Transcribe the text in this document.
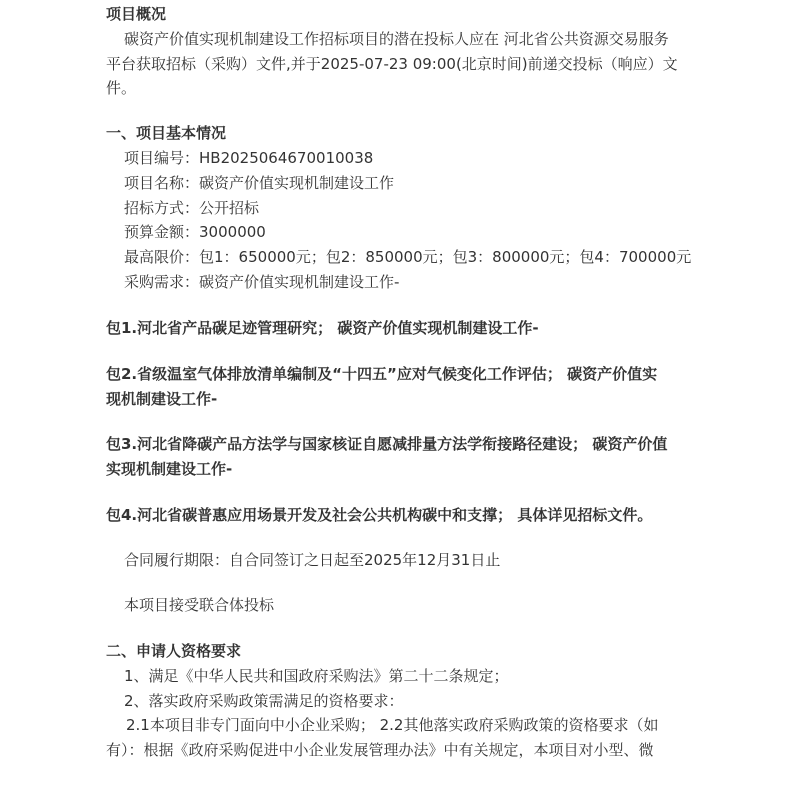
项目概况
碳资产价值实现机制建设工作招标项目的潜在投标人应在 河北省公共资源交易服务
平台获取招标（采购）文件,并于2025-07-23 09:00(北京时间)前递交投标（响应）文
件。
一、项目基本情况
项目编号：HB2025064670010038
项目名称：碳资产价值实现机制建设工作
招标方式：公开招标
预算金额：3000000
最高限价：包1：650000元；包2：850000元；包3：800000元；包4：700000元
采购需求：碳资产价值实现机制建设工作-
包1.河北省产品碳足迹管理研究； 碳资产价值实现机制建设工作-
包2.省级温室气体排放清单编制及“十四五”应对气候变化工作评估； 碳资产价值实
现机制建设工作-
包3.河北省降碳产品方法学与国家核证自愿减排量方法学衔接路径建设； 碳资产价值
实现机制建设工作-
包4.河北省碳普惠应用场景开发及社会公共机构碳中和支撑； 具体详见招标文件。
合同履行期限：自合同签订之日起至2025年12月31日止
本项目接受联合体投标
二、申请人资格要求
1、满足《中华人民共和国政府采购法》第二十二条规定；
2、落实政府采购政策需满足的资格要求：
2.1本项目非专门面向中小企业采购； 2.2其他落实政府采购政策的资格要求（如
有）：根据《政府采购促进中小企业发展管理办法》中有关规定，本项目对小型、微
